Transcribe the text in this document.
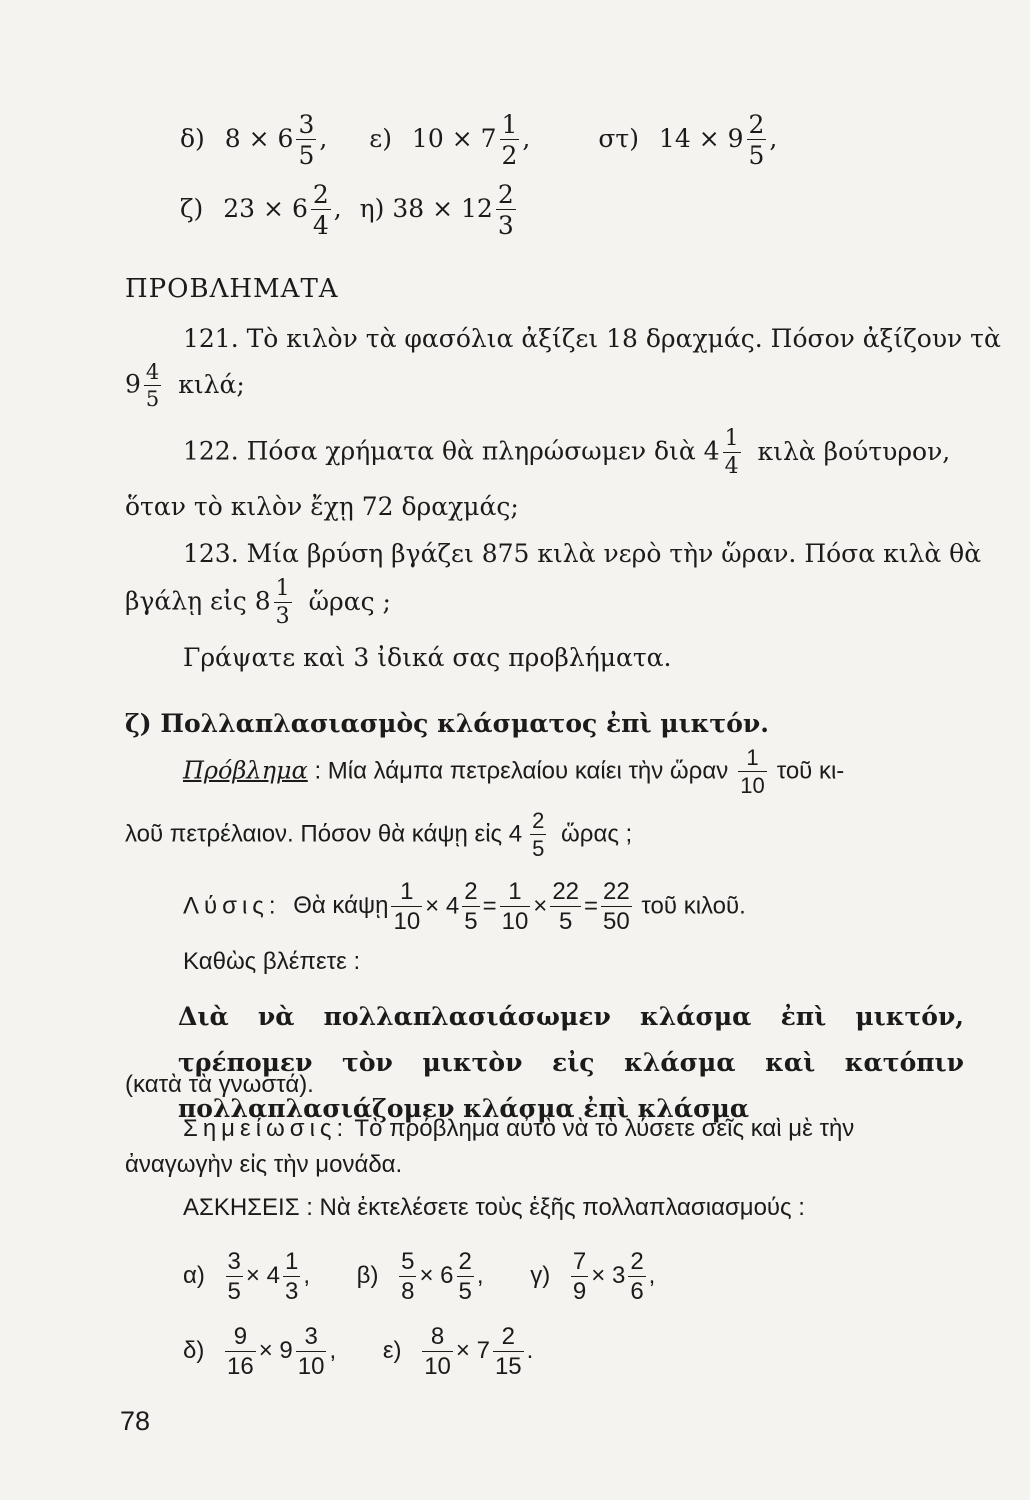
δ) $8 \times 6 \frac{3}{5}$ , ε) $10 \times 7 \frac{1}{2}$ ,	στ) $14 \times 9 \frac{2}{5}$ ,
ζ) $23 \times 6 \frac{2}{4}$ , η) $38 \times 12 \frac{2}{3}$
ΠΡΟΒΛΗΜΑΤΑ
121. Τὸ κιλὸν τὰ φασόλια ἀξίζει 18 δραχμάς. Πόσον ἀξίζουν τὰ
$9 \frac{4}{5} \kappa\iota\lambda ά$;
122. Πόσα χρήματα θὰ πληρώσωμεν διὰ $4 \frac{1}{4}$ κιλὰ βούτυρον,
ὅταν τὸ κιλὸν ἔχῃ 72 δραχμάς;
123. Μία βρύση βγάζει 875 κιλὰ νερὸ τὴν ὥραν. Πόσα κιλὰ θὰ
βγάλῃ εἰς $8 \frac{1}{3}$ ὥρας ;
Γράψατε καὶ 3 ἰδικά σας προβλήματα.
ζ) Πολλαπλασιασμὸς κλάσματος ἐπὶ μικτόν.
Πρόβλημα : Μία λάμπα πετρελαίου καίει τὴν ὥραν $\frac{1}{10}$ τοῦ κι-
λοῦ πετρέλαιον. Πόσον θὰ κάψῃ εἰς $4 \frac{2}{5}$ ὥρας ;
Λύσις: Θὰ κάψῃ $\frac{1}{10} \times 4 \frac{2}{5} = \frac{1}{10} \times \frac{22}{5} = \frac{22}{50}$ τοῦ κιλοῦ.
Καθὼς βλέπετε :
Διὰ νὰ πολλαπλασιάσωμεν κλάσμα ἐπὶ μικτόν, τρέπομεν τὸν μικτὸν εἰς κλάσμα καὶ κατόπιν πολλαπλασιάζομεν κλάσμα ἐπὶ κλάσμα
(κατὰ τὰ γνωστά).
Σημείωσις: Τὸ πρόβλημα αὐτὸ νὰ τὸ λύσετε σεῖς καὶ μὲ τὴν
ἀναγωγὴν εἰς τὴν μονάδα.
ΑΣΚΗΣΕΙΣ : Νὰ ἐκτελέσετε τοὺς ἑξῆς πολλαπλασιασμούς :
$\alpha) \frac{3}{5} \times 4 \frac{1}{3}$ , $\beta) \frac{5}{8} \times 6 \frac{2}{5}$ , $\gamma) \frac{7}{9} \times 3 \frac{2}{6}$ ,
$\delta) \frac{9}{16} \times 9 \frac{3}{10}$ , $\varepsilon) \frac{8}{10} \times 7 \frac{2}{15}$ .
78
